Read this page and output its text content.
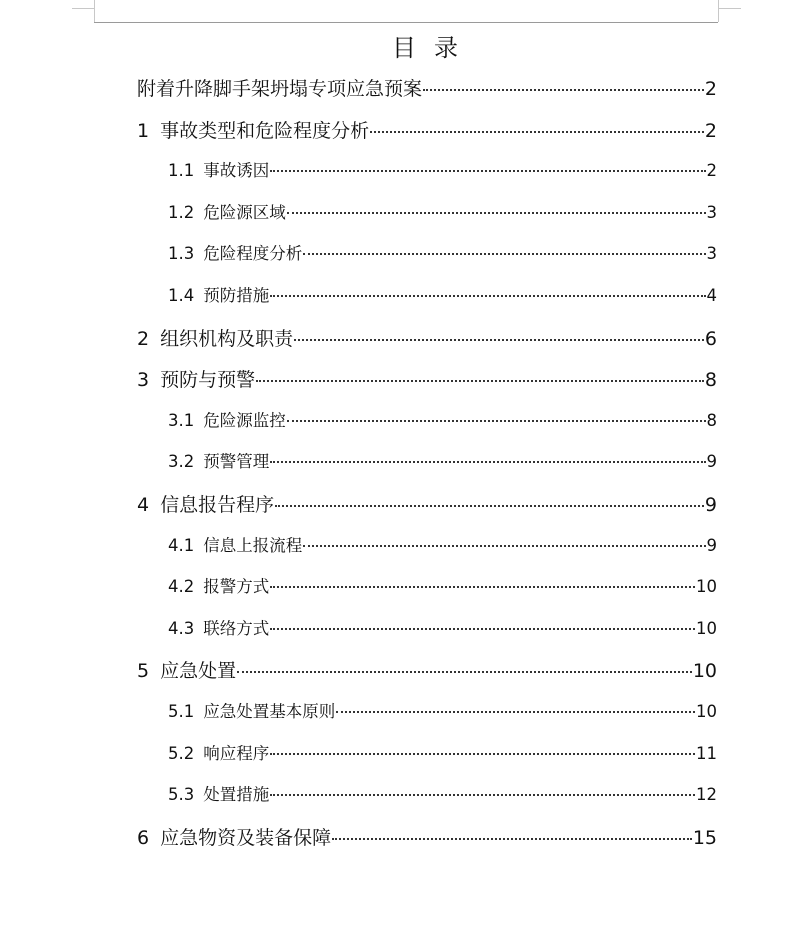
目录
附着升降脚手架坍塌专项应急预案	2
1 事故类型和危险程度分析	2
1.1 事故诱因	2
1.2 危险源区域	3
1.3 危险程度分析	3
1.4 预防措施	4
2 组织机构及职责	6
3 预防与预警	8
3.1 危险源监控	8
3.2 预警管理	9
4 信息报告程序	9
4.1 信息上报流程	9
4.2 报警方式	10
4.3 联络方式	10
5 应急处置	10
5.1 应急处置基本原则	10
5.2 响应程序	11
5.3 处置措施	12
6 应急物资及装备保障	15
